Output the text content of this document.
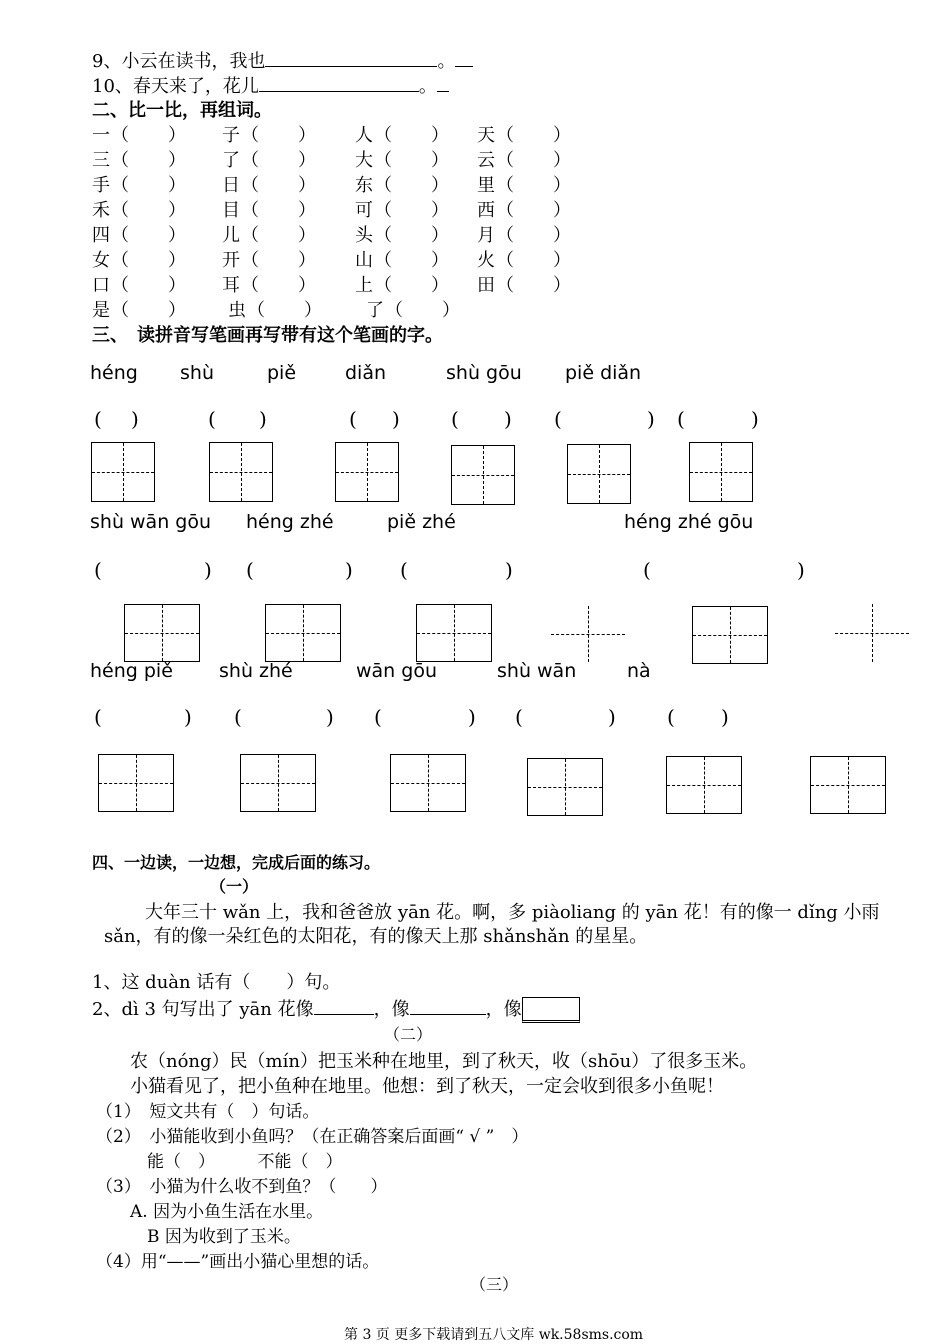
9、小云在读书，我也	。
10、春天来了，花儿	。
二、比一比，再组词。
一（　　） 子（　　） 人（　　） 天（　　）
三（　　） 了（　　） 大（　　） 云（　　）
手（　　） 日（　　） 东（　　） 里（　　）
禾（　　） 目（　　） 可（　　） 西（　　）
四（　　） 儿（　　） 头（　　） 月（　　）
女（　　） 开（　　） 山（　　） 火（　　）
口（　　） 耳（　　） 上（　　） 田（　　）
是（　　） 虫（　　） 了（　　）
三、　读拼音写笔画再写带有这个笔画的字。
héng shù	piě	diǎn	shù gōu piě diǎn
( )	( )	( )	( ) (	) (	)
shù wān gōu héng zhé	piě zhé	héng zhé gōu
(	) (	) (	)	(	)
héng piě shù zhé	wān gōu	shù wān	nà
(	) (	) (	) (	)	( )
四、一边读，一边想，完成后面的练习。
（一）
大年三十 wǎn 上，我和爸爸放 yān 花。啊，多 piàoliang 的 yān 花！有的像一 dǐng 小雨
sǎn，有的像一朵红色的太阳花，有的像天上那 shǎnshǎn 的星星。
1、这 duàn 话有（　　）句。
2、dì 3 句写出了 yān 花像	，像	，像
（二）
农（nóng）民（mín）把玉米种在地里，到了秋天，收（shōu）了很多玉米。
小猫看见了，把小鱼种在地里。他想：到了秋天，一定会收到很多小鱼呢！
（1）　短文共有（　）句话。
（2）　小猫能收到小鱼吗？（在正确答案后面画“ √ ”　）
　　　能（　）　　　不能（　）
（3）　小猫为什么收不到鱼？（　　）
　　A. 因为小鱼生活在水里。
　　　B 因为收到了玉米。
（4）用“——”画出小猫心里想的话。
（三）
第 3 页 更多下载请到五八文库 wk.58sms.com
